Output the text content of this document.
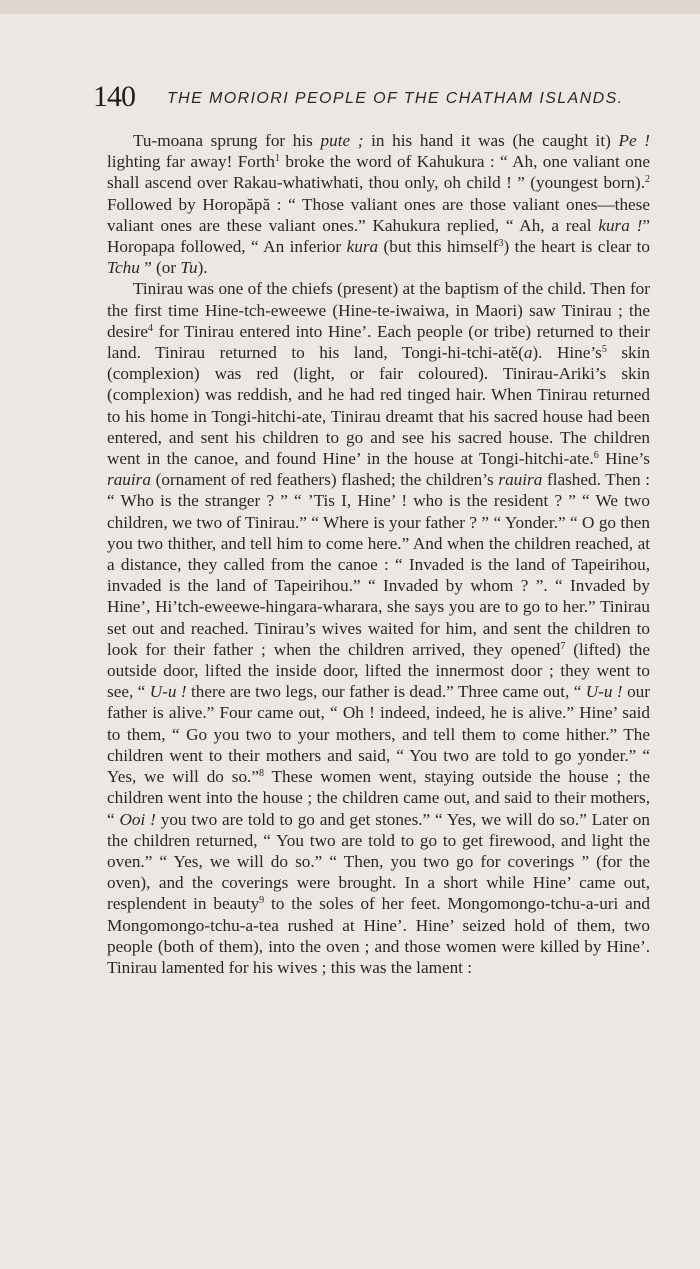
140 THE MORIORI PEOPLE OF THE CHATHAM ISLANDS.

Tu-moana sprung for his pute ; in his hand it was (he caught it) Pe ! lighting far away! Forth$^1$ broke the word of Kahukura : “ Ah, one valiant one shall ascend over Rakau-whatiwhati, thou only, oh child ! ” (youngest born).$^2$ Followed by Horopăpă : “ Those valiant ones are those valiant ones—these valiant ones are these valiant ones.” Kahukura replied, “ Ah, a real kura !” Horopapa followed, “ An inferior kura (but this himself$^3$) the heart is clear to Tchu ” (or Tu).

Tinirau was one of the chiefs (present) at the baptism of the child. Then for the first time Hine-tch-eweewe (Hine-te-iwaiwa, in Maori) saw Tinirau ; the desire$^4$ for Tinirau entered into Hine’. Each people (or tribe) returned to their land. Tinirau returned to his land, Tongi-hi-tchi-atĕ(a). $Hine’s^5$ skin (complexion) was red (light, or fair coloured). Tinirau-Ariki’s skin (complexion) was reddish, and he had red tinged hair. When Tinirau returned to his home in Tongi-hitchi-ate, Tinirau dreamt that his sacred house had been entered, and sent his children to go and see his sacred house. The children went in the canoe, and found Hine’ in the house at Tongi-hitchi-ate.$^6$ Hine’s rauira (ornament of red feathers) flashed; the children’s rauira flashed. Then : “ Who is the stranger ? ” “ ’Tis I, Hine’ ! who is the resident ? ” “ We two children, we two of Tinirau.” “ Where is your father ? ” “ Yonder.” “ O go then you two thither, and tell him to come here.” And when the children reached, at a distance, they called from the canoe : “ Invaded is the land of Tapeirihou, invaded is the land of Tapeirihou.” “ Invaded by whom ? ”. “ Invaded by Hine’, Hi’tch-eweewe-hingara-wharara, she says you are to go to her.” Tinirau set out and reached. Tinirau’s wives waited for him, and sent the children to look for their father ; when the children arrived, they opened$^7$ (lifted) the outside door, lifted the inside door, lifted the innermost door ; they went to see, “ U-u ! there are two legs, our father is dead.” Three came out, “ U-u ! our father is alive.” Four came out, “ Oh ! indeed, indeed, he is alive.” Hine’ said to them, “ Go you two to your mothers, and tell them to come hither.” The children went to their mothers and said, “ You two are told to go yonder.” “ Yes, we will do so.”$^8$ These women went, staying outside the house ; the children went into the house ; the children came out, and said to their mothers, “ Ooi ! you two are told to go and get stones.” “ Yes, we will do so.” Later on the children returned, “ You two are told to go to get firewood, and light the oven.” “ Yes, we will do so.” “ Then, you two go for coverings ” (for the oven), and the coverings were brought. In a short while Hine’ came out, resplendent in beauty$^9$ to the soles of her feet. Mongomongo-tchu-a-uri and Mongomongo-tchu-a-tea rushed at Hine’. Hine’ seized hold of them, two people (both of them), into the oven ; and those women were killed by Hine’. Tinirau lamented for his wives ; this was the lament :
